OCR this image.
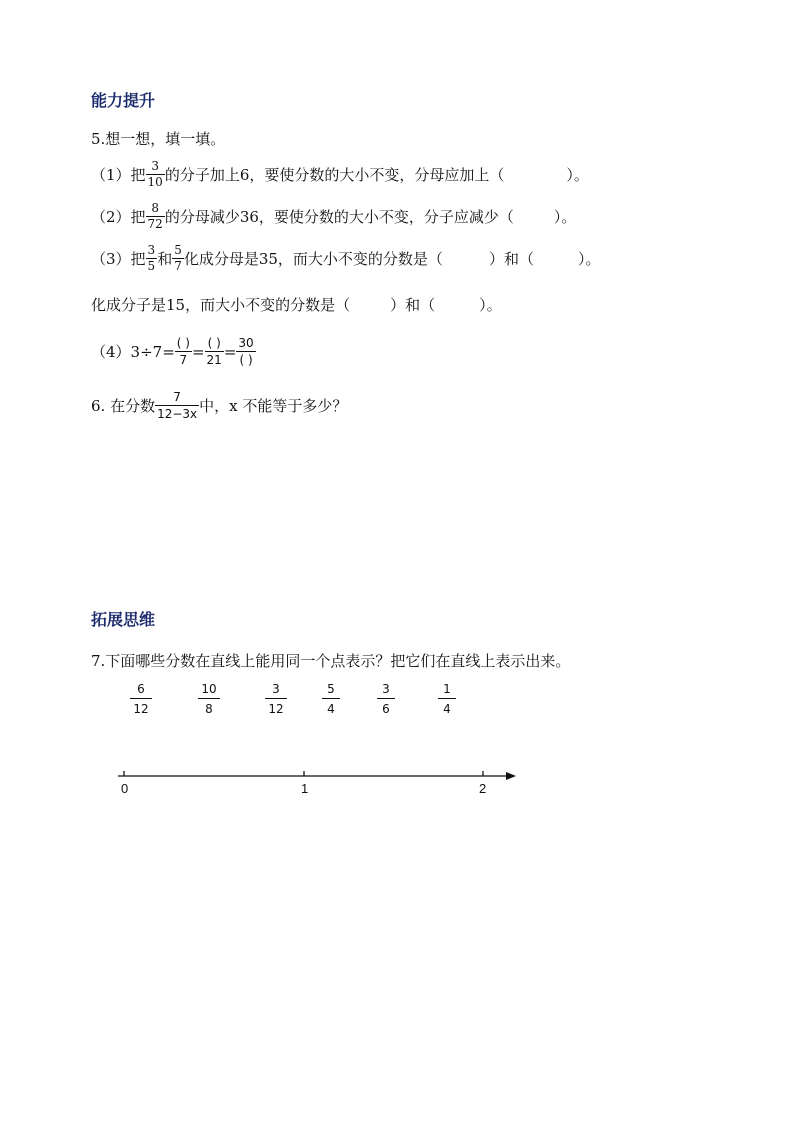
能力提升
5.想一想，填一填。
（1）把 $\frac{3}{10}$ 的分子加上6，要使分数的大小不变，分母应加上（	）。
（2）把 $\frac{8}{72}$ 的分母减少36，要使分数的大小不变，分子应减少（	）。
（3）把 $\frac{3}{5}$ 和 $\frac{5}{7}$ 化成分母是35，而大小不变的分数是（	）和（	）。
化成分子是15，而大小不变的分数是（	）和（	）。
$(4)3\div 7= \frac{( )}{7} = \frac{( )}{21} = \frac{30}{( )}$
6. 在分数 $\frac{7}{12-3x}$ 中，x 不能等于多少？
拓展思维
7.下面哪些分数在直线上能用同一个点表示？把它们在直线上表示出来。
$\frac{6}{12}$	$\frac{10}{8}$	$\frac{3}{12}$	$\frac{5}{4}$	$\frac{3}{6}$	$\frac{1}{4}$
0	1	2
